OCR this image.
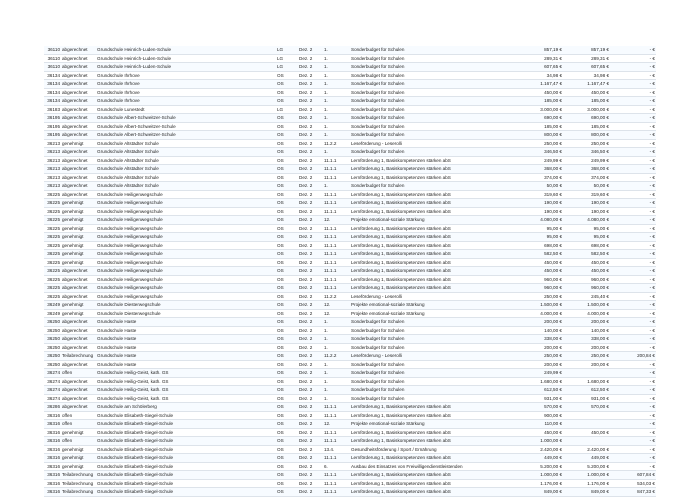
36110	abgerechnet	Grundschule Heinrich-Luden-Schule	LG	Dez. 2	1.	Sonderbudget für Schulen	857,19 €	857,19 €	- €
36110	abgerechnet	Grundschule Heinrich-Luden-Schule	LG	Dez. 2	1.	Sonderbudget für Schulen	289,31 €	289,31 €	- €
36110	abgerechnet	Grundschule Heinrich-Luden-Schule	LG	Dez. 2	1.	Sonderbudget für Schulen	607,65 €	607,65 €	- €
36134	abgerechnet	Grundschule Ihrhove	OS	Dez. 2	1.	Sonderbudget für Schulen	34,98 €	34,98 €	- €
36134	abgerechnet	Grundschule Ihrhove	OS	Dez. 2	1.	Sonderbudget für Schulen	1.167,47 €	1.167,47 €	- €
36134	abgerechnet	Grundschule Ihrhove	OS	Dez. 2	1.	Sonderbudget für Schulen	450,00 €	450,00 €	- €
36134	abgerechnet	Grundschule Ihrhove	OS	Dez. 2	1.	Sonderbudget für Schulen	185,00 €	185,00 €	- €
36183	abgerechnet	Grundschule Lunestedt	LG	Dez. 2	1.	Sonderbudget für Schulen	3.000,00 €	3.000,00 €	- €
36195	abgerechnet	Grundschule Albert-Schweitzer-Schule	OS	Dez. 2	1.	Sonderbudget für Schulen	690,00 €	690,00 €	- €
36195	abgerechnet	Grundschule Albert-Schweitzer-Schule	OS	Dez. 2	1.	Sonderbudget für Schulen	185,00 €	185,00 €	- €
36195	abgerechnet	Grundschule Albert-Schweitzer-Schule	OS	Dez. 2	1.	Sonderbudget für Schulen	800,00 €	800,00 €	- €
36213	genehmigt	Grundschule Altstädter Schule	OS	Dez. 2	11.2.2	Leseförderung - Leserolli	250,00 €	250,00 €	- €
36213	abgerechnet	Grundschule Altstädter Schule	OS	Dez. 2	1.	Sonderbudget für Schulen	346,50 €	346,50 €	- €
36213	abgerechnet	Grundschule Altstädter Schule	OS	Dez. 2	11.1.1	Lernförderung 1, Basiskompetenzen stärken abS	249,99 €	249,99 €	- €
36213	abgerechnet	Grundschule Altstädter Schule	OS	Dez. 2	11.1.1	Lernförderung 1, Basiskompetenzen stärken abS	368,00 €	368,00 €	- €
36213	abgerechnet	Grundschule Altstädter Schule	OS	Dez. 2	11.1.1	Lernförderung 1, Basiskompetenzen stärken abS	374,00 €	374,00 €	- €
36213	abgerechnet	Grundschule Altstädter Schule	OS	Dez. 2	1.	Sonderbudget für Schulen	50,00 €	50,00 €	- €
36225	abgerechnet	Grundschule Heiligenwegschule	OS	Dez. 2	11.1.1	Lernförderung 1, Basiskompetenzen stärken abS	319,60 €	319,60 €	- €
36225	genehmigt	Grundschule Heiligenwegschule	OS	Dez. 2	11.1.1	Lernförderung 1, Basiskompetenzen stärken abS	190,00 €	190,00 €	- €
36225	genehmigt	Grundschule Heiligenwegschule	OS	Dez. 2	11.1.1	Lernförderung 1, Basiskompetenzen stärken abS	190,00 €	190,00 €	- €
36225	genehmigt	Grundschule Heiligenwegschule	OS	Dez. 2	12.	Projekte emotional-soziale Stärkung	4.080,00 €	4.080,00 €	- €
36225	genehmigt	Grundschule Heiligenwegschule	OS	Dez. 2	11.1.1	Lernförderung 1, Basiskompetenzen stärken abS	95,00 €	95,00 €	- €
36225	genehmigt	Grundschule Heiligenwegschule	OS	Dez. 2	11.1.1	Lernförderung 1, Basiskompetenzen stärken abS	95,00 €	95,00 €	- €
36225	genehmigt	Grundschule Heiligenwegschule	OS	Dez. 2	11.1.1	Lernförderung 1, Basiskompetenzen stärken abS	698,00 €	698,00 €	- €
36225	genehmigt	Grundschule Heiligenwegschule	OS	Dez. 2	11.1.1	Lernförderung 1, Basiskompetenzen stärken abS	582,50 €	582,50 €	- €
36225	genehmigt	Grundschule Heiligenwegschule	OS	Dez. 2	11.1.1	Lernförderung 1, Basiskompetenzen stärken abS	450,00 €	450,00 €	- €
36225	abgerechnet	Grundschule Heiligenwegschule	OS	Dez. 2	11.1.1	Lernförderung 1, Basiskompetenzen stärken abS	450,00 €	450,00 €	- €
36225	abgerechnet	Grundschule Heiligenwegschule	OS	Dez. 2	11.1.1	Lernförderung 1, Basiskompetenzen stärken abS	960,00 €	960,00 €	- €
36225	abgerechnet	Grundschule Heiligenwegschule	OS	Dez. 2	11.1.1	Lernförderung 1, Basiskompetenzen stärken abS	960,00 €	960,00 €	- €
36225	abgerechnet	Grundschule Heiligenwegschule	OS	Dez. 2	11.2.2	Leseförderung - Leserolli	250,00 €	245,40 €	- €
36249	genehmigt	Grundschule Diesterwegschule	OS	Dez. 2	12.	Projekte emotional-soziale Stärkung	1.500,00 €	1.500,00 €	- €
36249	genehmigt	Grundschule Diesterwegschule	OS	Dez. 2	12.	Projekte emotional-soziale Stärkung	4.000,00 €	4.000,00 €	- €
36250	abgerechnet	Grundschule Haste	OS	Dez. 2	1.	Sonderbudget für Schulen	200,00 €	200,00 €	- €
36250	abgerechnet	Grundschule Haste	OS	Dez. 2	1.	Sonderbudget für Schulen	140,00 €	140,00 €	- €
36250	abgerechnet	Grundschule Haste	OS	Dez. 2	1.	Sonderbudget für Schulen	338,00 €	338,00 €	- €
36250	abgerechnet	Grundschule Haste	OS	Dez. 2	1.	Sonderbudget für Schulen	200,00 €	200,00 €	- €
36250	Teilabrechnung	Grundschule Haste	OS	Dez. 2	11.2.2	Leseförderung - Leserolli	250,00 €	250,00 €	200,84 €
36250	abgerechnet	Grundschule Haste	OS	Dez. 2	1.	Sonderbudget für Schulen	200,00 €	200,00 €	- €
36274	offen	Grundschule Heilig-Geist, kath. GS	OS	Dez. 2	1.	Sonderbudget für Schulen	249,99 €		- €
36274	abgerechnet	Grundschule Heilig-Geist, kath. GS	OS	Dez. 2	1.	Sonderbudget für Schulen	1.680,00 €	1.680,00 €	- €
36274	abgerechnet	Grundschule Heilig-Geist, kath. GS	OS	Dez. 2	1.	Sonderbudget für Schulen	612,50 €	612,50 €	- €
36274	abgerechnet	Grundschule Heilig-Geist, kath. GS	OS	Dez. 2	1.	Sonderbudget für Schulen	931,00 €	931,00 €	- €
36286	abgerechnet	Grundschule am Schölerberg	OS	Dez. 2	11.1.1	Lernförderung 1, Basiskompetenzen stärken abS	570,00 €	570,00 €	- €
36316	offen	Grundschule Elisabeth-Siegel-Schule	OS	Dez. 2	11.1.1	Lernförderung 1, Basiskompetenzen stärken abS	900,00 €		- €
36316	offen	Grundschule Elisabeth-Siegel-Schule	OS	Dez. 2	12.	Projekte emotional-soziale Stärkung	110,00 €		- €
36316	genehmigt	Grundschule Elisabeth-Siegel-Schule	OS	Dez. 2	11.1.1	Lernförderung 1, Basiskompetenzen stärken abS	450,00 €	450,00 €	- €
36316	offen	Grundschule Elisabeth-Siegel-Schule	OS	Dez. 2	11.1.1	Lernförderung 1, Basiskompetenzen stärken abS	1.000,00 €		- €
36316	genehmigt	Grundschule Elisabeth-Siegel-Schule	OS	Dez. 2	13.4.	Gesundheitsförderung / Sport / Ernährung	2.420,00 €	2.420,00 €	- €
36316	genehmigt	Grundschule Elisabeth-Siegel-Schule	OS	Dez. 2	11.1.1	Lernförderung 1, Basiskompetenzen stärken abS	449,00 €	449,00 €	- €
36316	genehmigt	Grundschule Elisabeth-Siegel-Schule	OS	Dez. 2	6.	Ausbau des Einsatzes von Freiwilligendienstleistenden	5.200,00 €	5.200,00 €	- €
36316	Teilabrechnung	Grundschule Elisabeth-Siegel-Schule	OS	Dez. 2	11.1.1	Lernförderung 1, Basiskompetenzen stärken abS	1.000,00 €	1.000,00 €	607,84 €
36316	Teilabrechnung	Grundschule Elisabeth-Siegel-Schule	OS	Dez. 2	11.1.1	Lernförderung 1, Basiskompetenzen stärken abS	1.176,00 €	1.176,00 €	534,03 €
36316	Teilabrechnung	Grundschule Elisabeth-Siegel-Schule	OS	Dez. 2	11.1.1	Lernförderung 1, Basiskompetenzen stärken abS	849,00 €	849,00 €	847,33 €
